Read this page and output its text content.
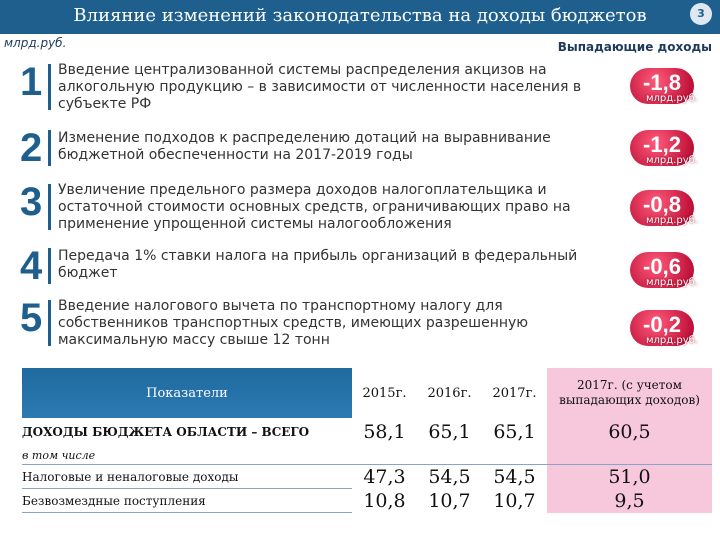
Влияние изменений законодательства на доходы бюджетов	3
млрд.руб.	Выпадающие доходы
1 Введение централизованной системы распределения акцизов на алкогольную продукцию – в зависимости от численности населения в субъекте РФ
-1,8
млрд.руб.
2 Изменение подходов к распределению дотаций на выравнивание бюджетной обеспеченности на 2017-2019 годы	-1,2
млрд.руб.
3 Увеличение предельного размера доходов налогоплательщика и остаточной стоимости основных средств, ограничивающих право на применение упрощенной системы налогообложения
-0,8
млрд.руб.
4 Передача 1% ставки налога на прибыль организаций в федеральный бюджет	-0,6
млрд.руб.
5 Введение налогового вычета по транспортному налогу для собственников транспортных средств, имеющих разрешенную максимальную массу свыше 12 тонн
-0,2
млрд.руб.
Показатели	2015г.	2016г.	2017г.	2017г. (с учетом выпадающих доходов)
ДОХОДЫ БЮДЖЕТА ОБЛАСТИ – ВСЕГО	58,1	65,1	65,1	60,5
в том числе				
Налоговые и неналоговые доходы	47,3	54,5	54,5	51,0
Безвозмездные поступления	10,8	10,7	10,7	9,5
